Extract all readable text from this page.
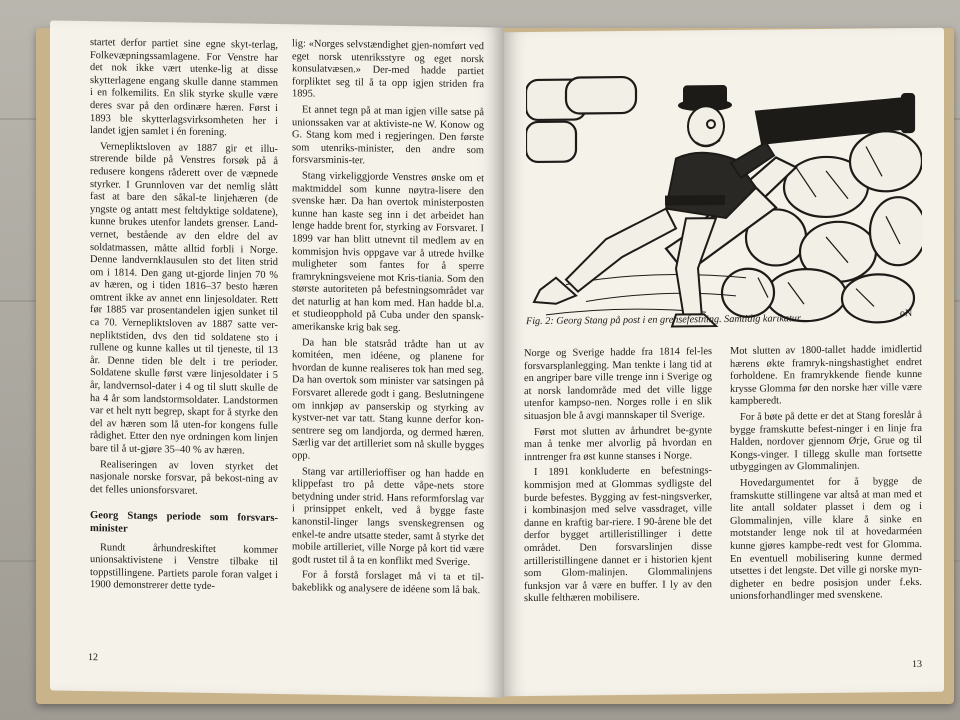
startet derfor partiet sine egne skyt-terlag, Folkevæpningssamlagene. For Venstre har det nok ikke vært utenke-lig at disse skytterlagene engang skulle danne stammen i en folkemilits. En slik styrke skulle være deres svar på den ordinære hæren. Først i 1893 ble skytterlagsvirksomheten her i landet igjen samlet i én forening.

Vernepliktsloven av 1887 gir et illu-strerende bilde på Venstres forsøk på å redusere kongens råderett over de væpnede styrker. I Grunnloven var det nemlig slått fast at bare den såkal-te linjehæren (de yngste og antatt mest feltdyktige soldatene), kunne brukes utenfor landets grenser. Land-vernet, bestående av den eldre del av soldatmassen, måtte alltid forbli i Norge. Denne landvernklausulen sto det liten strid om i 1814. Den gang ut-gjorde linjen 70 % av hæren, og i tiden 1816–37 besto hæren omtrent ikke av annet enn linjesoldater. Rett før 1885 var prosentandelen igjen sunket til ca 70. Vernepliktsloven av 1887 satte ver-nepliktstiden, dvs den tid soldatene sto i rullene og kunne kalles ut til tjeneste, til 13 år. Denne tiden ble delt i tre perioder. Soldatene skulle først være linjesoldater i 5 år, landvernsol-dater i 4 og til slutt skulle de ha 4 år som landstormsoldater. Landstormen var et helt nytt begrep, skapt for å styrke den del av hæren som lå uten-for kongens fulle rådighet. Etter den nye ordningen kom linjen bare til å ut-gjøre 35–40 % av hæren.

Realiseringen av loven styrket det nasjonale norske forsvar, på bekost-ning av det felles unionsforsvaret.

Georg Stangs periode som forsvars-minister

Rundt århundreskiftet kommer unionsaktivistene i Venstre tilbake til toppstillingene. Partiets parole foran valget i 1900 demonstrerer dette tyde-

lig: «Norges selvstændighet gjen-nomført ved eget norsk utenriksstyre og eget norsk konsulatvæsen.» Der-med hadde partiet forpliktet seg til å ta opp igjen striden fra 1895.

Et annet tegn på at man igjen ville satse på unionssaken var at aktiviste-ne W. Konow og G. Stang kom med i regjeringen. Den første som utenriks-minister, den andre som forsvarsminis-ter.

Stang virkeliggjorde Venstres ønske om et maktmiddel som kunne nøytra-lisere den svenske hær. Da han overtok ministerposten kunne han kaste seg inn i det arbeidet han lenge hadde brent for, styrking av Forsvaret. I 1899 var han blitt utnevnt til medlem av en kommisjon hvis oppgave var å utrede hvilke muligheter som fantes for å sperre framrykningsveiene mot Kris-tiania. Som den største autoriteten på befestningsområdet var det naturlig at han kom med. Han hadde bl.a. et studieopphold på Cuba under den spansk-amerikanske krig bak seg.

Da han ble statsråd trådte han ut av komitéen, men idéene, og planene for hvordan de kunne realiseres tok han med seg. Da han overtok som minister var satsingen på Forsvaret allerede godt i gang. Beslutningene om innkjøp av panserskip og styrking av kystver-net var tatt. Stang kunne derfor kon-sentrere seg om landjorda, og dermed hæren. Særlig var det artilleriet som nå skulle bygges opp.

Stang var artillerioffiser og han hadde en klippefast tro på dette våpe-nets store betydning under strid. Hans reformforslag var i prinsippet enkelt, ved å bygge faste kanonstil-linger langs svenskegrensen og enkel-te andre utsatte steder, samt å styrke det mobile artilleriet, ville Norge på kort tid være godt rustet til å ta en konflikt med Sverige.

For å forstå forslaget må vi ta et til-bakeblikk og analysere de idéene som lå bak.

12
oN
Fig. 2: Georg Stang på post i en grensefestning. Samtidig karikatur.

Norge og Sverige hadde fra 1814 fel-les forsvarsplanlegging. Man tenkte i lang tid at en angriper bare ville trenge inn i Sverige og at norsk landområde med det ville ligge utenfor kampso-nen. Norges rolle i en slik situasjon ble å avgi mannskaper til Sverige.

Først mot slutten av århundret be-gynte man å tenke mer alvorlig på hvordan en inntrenger fra øst kunne stanses i Norge.

I 1891 konkluderte en befestnings-kommisjon med at Glommas sydligste del burde befestes. Bygging av fest-ningsverker, i kombinasjon med selve vassdraget, ville danne en kraftig bar-riere. I 90-årene ble det derfor bygget artilleristillinger i dette området. Den forsvarslinjen disse artilleristillingene dannet er i historien kjent som Glom-malinjen. Glommalinjens funksjon var å være en buffer. I ly av den skulle felthæren mobilisere.

Mot slutten av 1800-tallet hadde imidlertid hærens økte framryk-ningshastighet endret forholdene. En framrykkende fiende kunne krysse Glomma før den norske hær ville være kampberedt.

For å bøte på dette er det at Stang foreslår å bygge framskutte befest-ninger i en linje fra Halden, nordover gjennom Ørje, Grue og til Kongs-vinger. I tillegg skulle man fortsette utbyggingen av Glommalinjen.

Hovedargumentet for å bygge de framskutte stillingene var altså at man med et lite antall soldater plasset i dem og i Glommalinjen, ville klare å sinke en motstander lenge nok til at hovedarméen kunne gjøres kampbe-redt vest for Glomma. En eventuell mobilisering kunne dermed utsettes i det lengste. Det ville gi norske myn-digheter en bedre posisjon under f.eks. unionsforhandlinger med svenskene.

13
